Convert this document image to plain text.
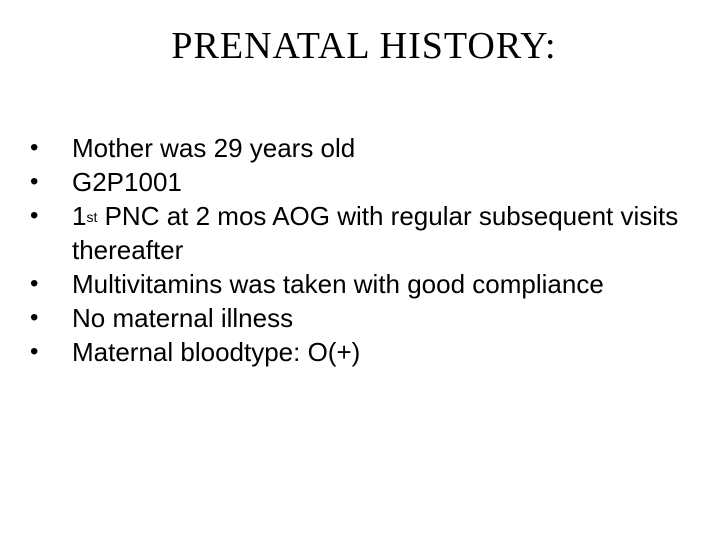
PRENATAL HISTORY:
• Mother was 29 years old
• G2P1001
• 1st PNC at 2 mos AOG with regular subsequent visits thereafter
• Multivitamins was taken with good compliance
• No maternal illness
• Maternal bloodtype: O(+)
